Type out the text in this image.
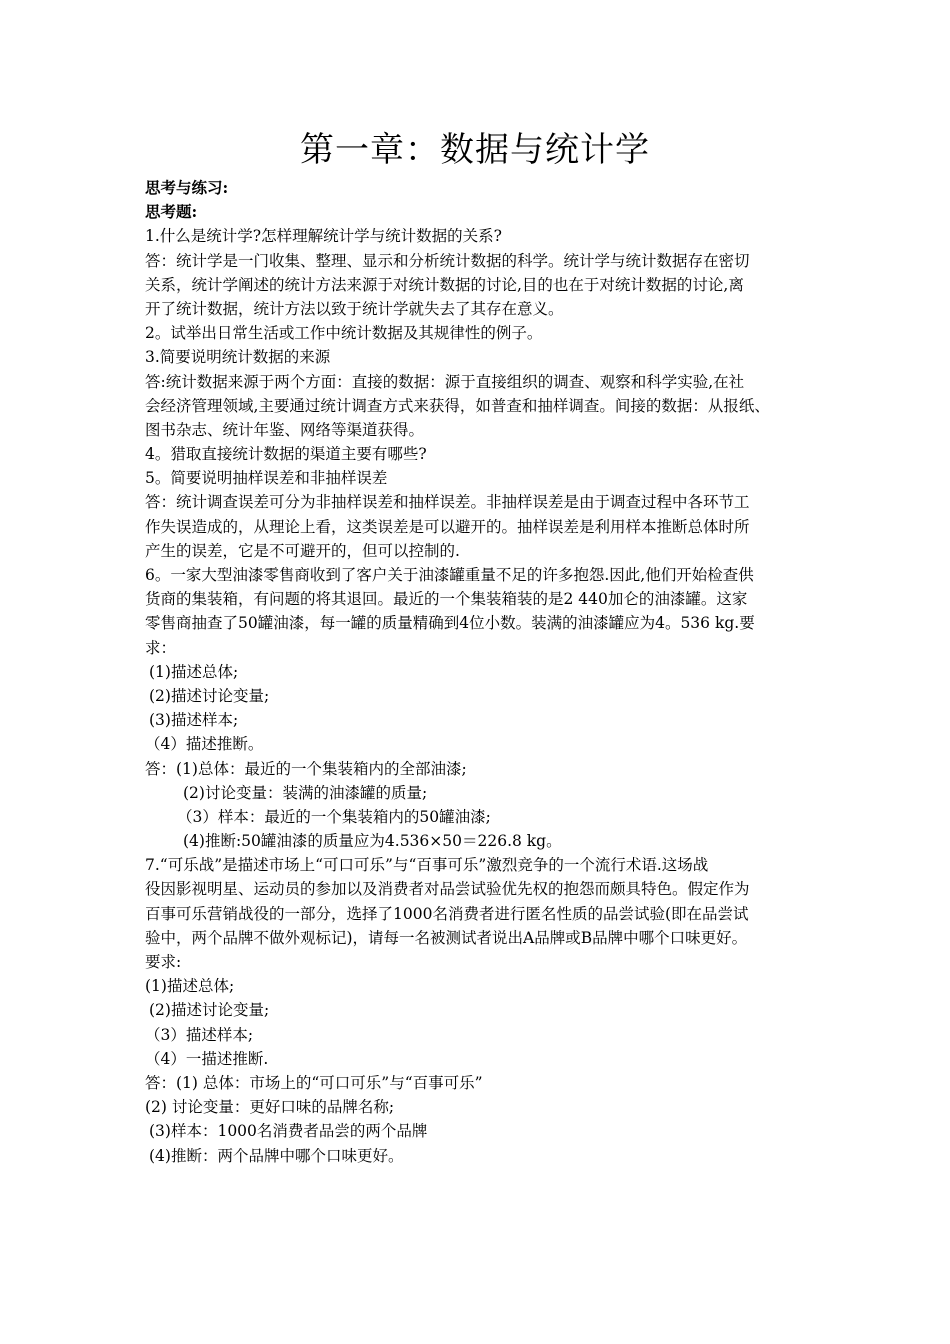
第一章：数据与统计学
思考与练习:
思考题:
1.什么是统计学?怎样理解统计学与统计数据的关系?
答：统计学是一门收集、整理、显示和分析统计数据的科学。统计学与统计数据存在密切
关系，统计学阐述的统计方法来源于对统计数据的讨论,目的也在于对统计数据的讨论,离
开了统计数据，统计方法以致于统计学就失去了其存在意义。
2。试举出日常生活或工作中统计数据及其规律性的例子。
3.简要说明统计数据的来源
答:统计数据来源于两个方面：直接的数据：源于直接组织的调查、观察和科学实验,在社
会经济管理领域,主要通过统计调查方式来获得，如普查和抽样调查。间接的数据：从报纸、
图书杂志、统计年鉴、网络等渠道获得。
4。猎取直接统计数据的渠道主要有哪些?
5。简要说明抽样误差和非抽样误差
答：统计调查误差可分为非抽样误差和抽样误差。非抽样误差是由于调查过程中各环节工
作失误造成的，从理论上看，这类误差是可以避开的。抽样误差是利用样本推断总体时所
产生的误差，它是不可避开的，但可以控制的.
6。一家大型油漆零售商收到了客户关于油漆罐重量不足的许多抱怨.因此,他们开始检查供
货商的集装箱，有问题的将其退回。最近的一个集装箱装的是2 440加仑的油漆罐。这家
零售商抽查了50罐油漆，每一罐的质量精确到4位小数。装满的油漆罐应为4。536 kg.要
求：
(1)描述总体;
(2)描述讨论变量;
(3)描述样本;
（4）描述推断。
答：(1)总体：最近的一个集装箱内的全部油漆;
(2)讨论变量：装满的油漆罐的质量;
（3）样本：最近的一个集装箱内的50罐油漆;
(4)推断:50罐油漆的质量应为4.536×50＝226.8 kg。
7.“可乐战”是描述市场上“可口可乐”与“百事可乐”激烈竞争的一个流行术语.这场战
役因影视明星、运动员的参加以及消费者对品尝试验优先权的抱怨而颇具特色。假定作为
百事可乐营销战役的一部分，选择了1000名消费者进行匿名性质的品尝试验(即在品尝试
验中，两个品牌不做外观标记)，请每一名被测试者说出A品牌或B品牌中哪个口味更好。
要求:
(1)描述总体;
(2)描述讨论变量;
（3）描述样本;
（4）一描述推断.
答：(1) 总体：市场上的“可口可乐”与“百事可乐”
(2) 讨论变量：更好口味的品牌名称;
(3)样本：1000名消费者品尝的两个品牌
(4)推断：两个品牌中哪个口味更好。
